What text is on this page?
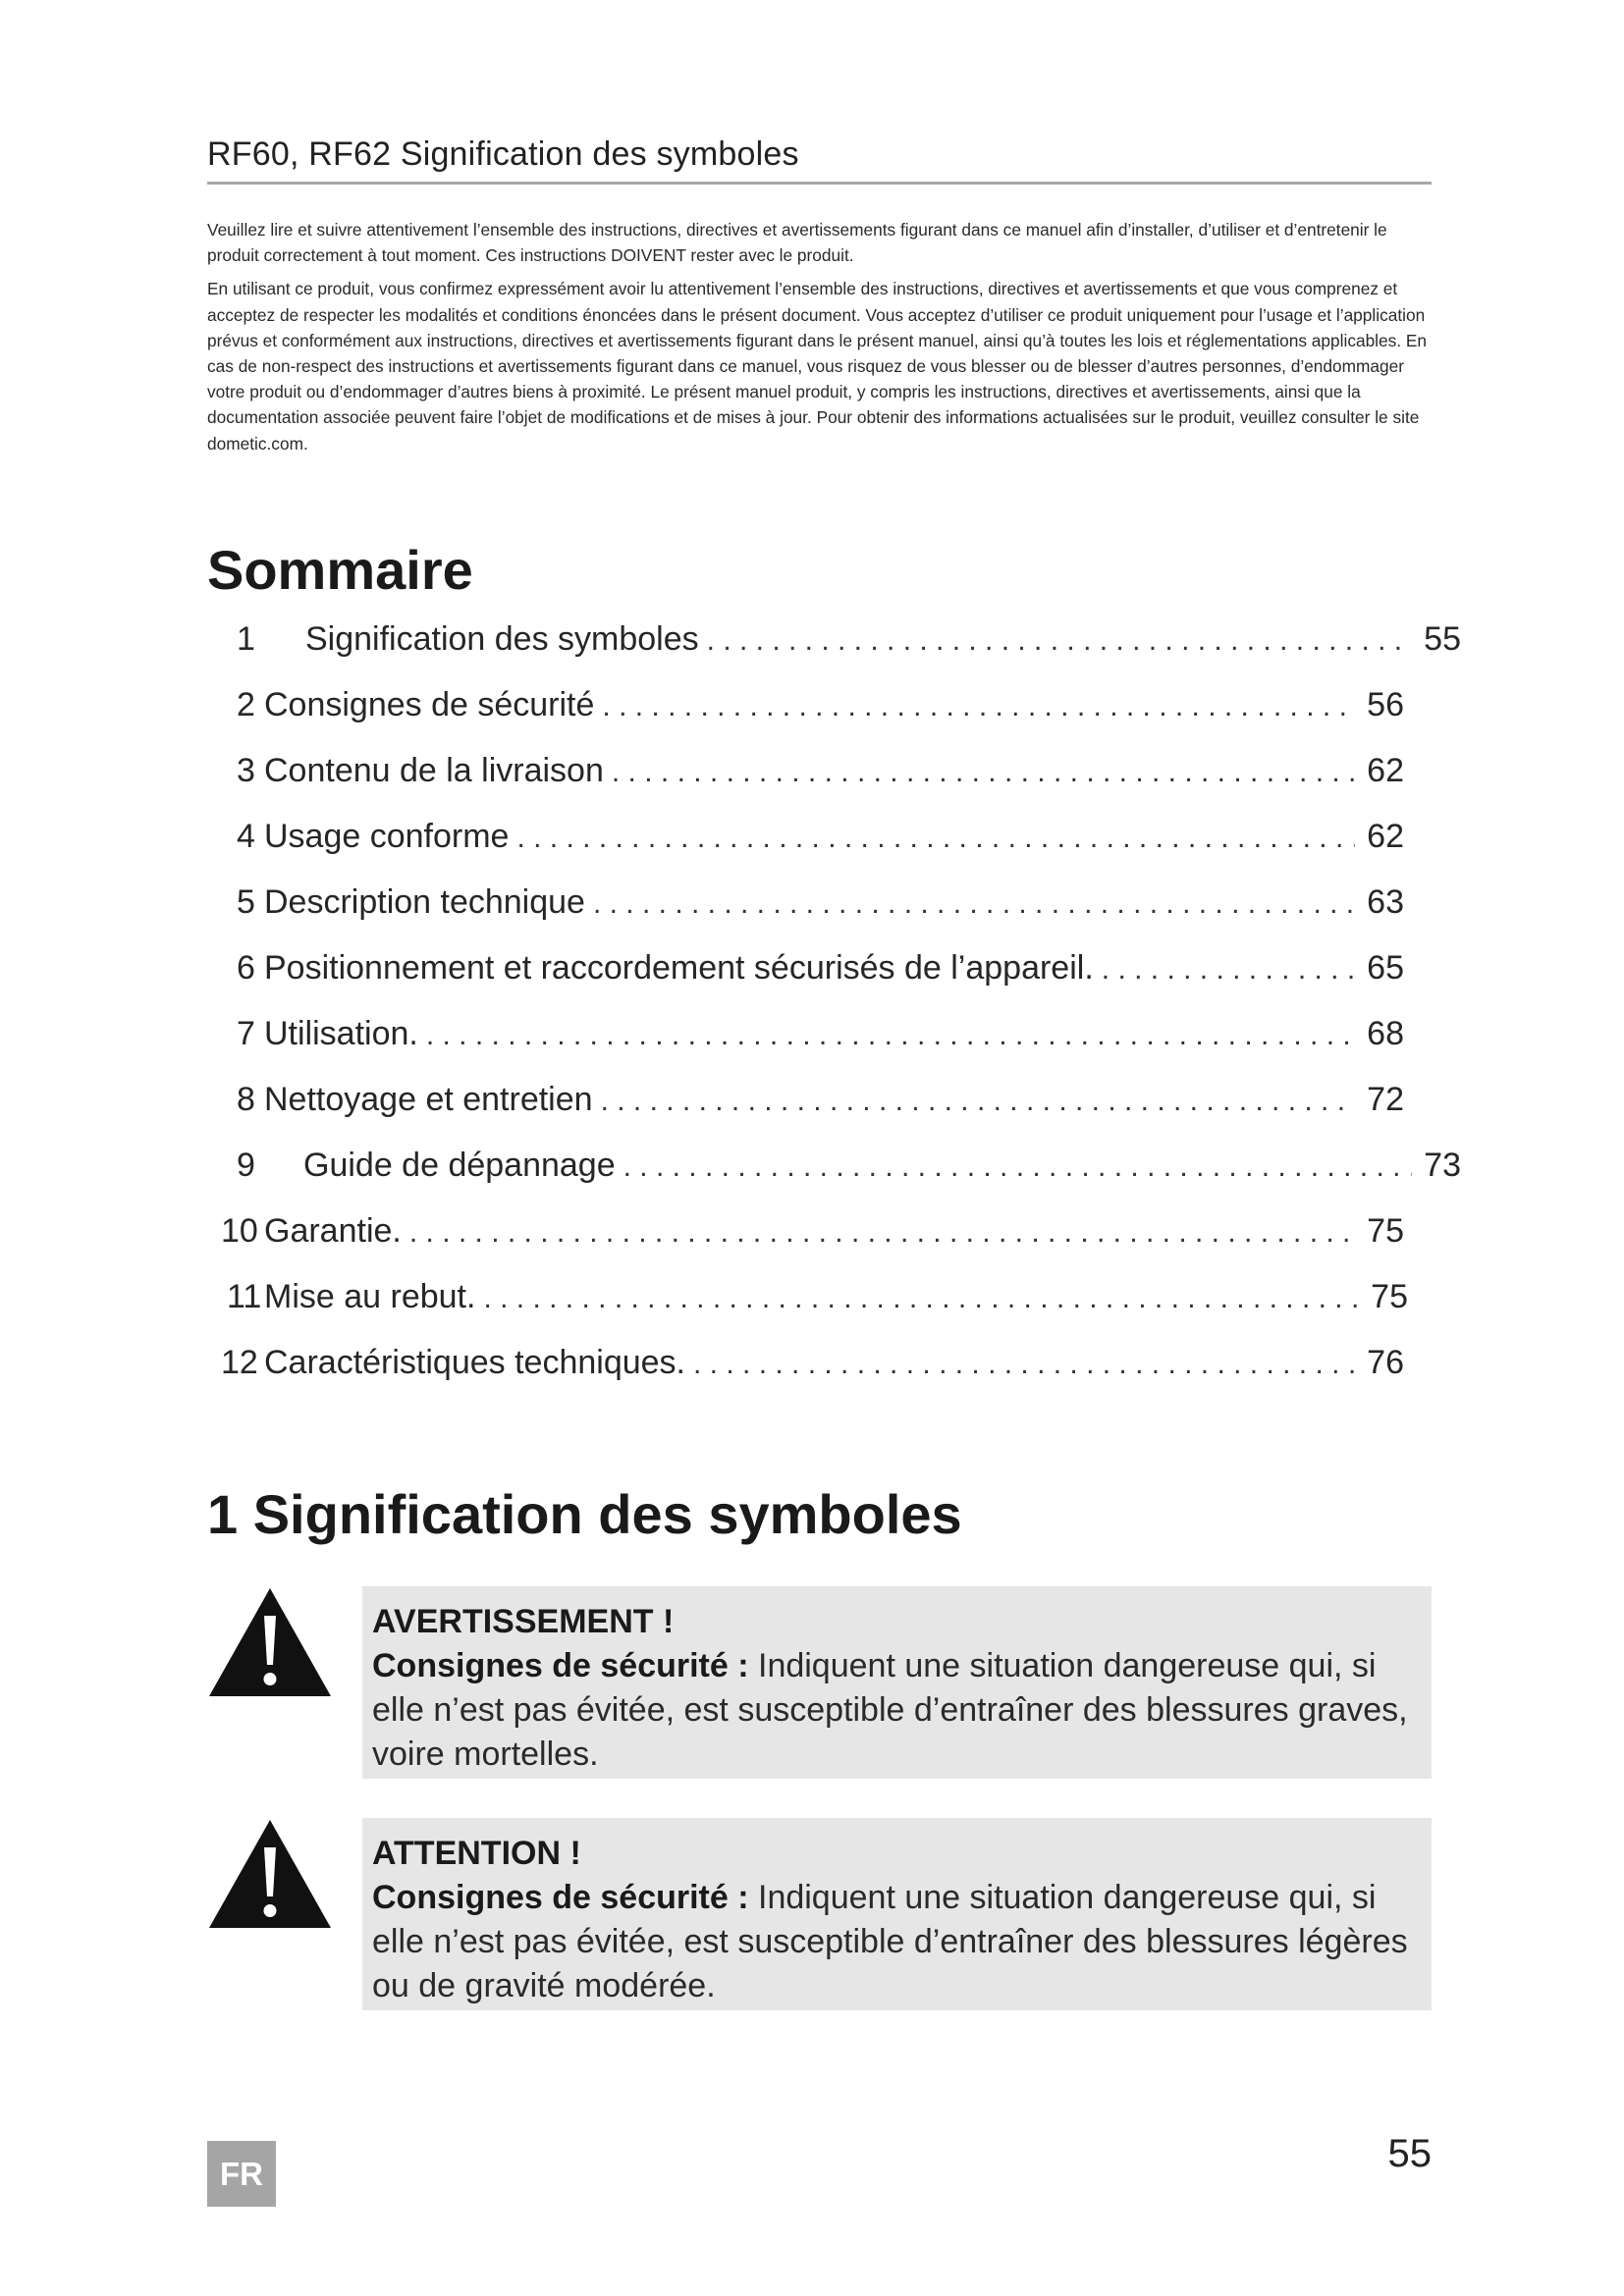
RF60, RF62 Signification des symboles

Veuillez lire et suivre attentivement l’ensemble des instructions, directives et avertissements figurant dans ce manuel afin d’installer, d’utiliser et d’entretenir le produit correctement à tout moment. Ces instructions DOIVENT rester avec le produit.

En utilisant ce produit, vous confirmez expressément avoir lu attentivement l’ensemble des instructions, directives et avertissements et que vous comprenez et acceptez de respecter les modalités et conditions énoncées dans le présent document. Vous acceptez d’utiliser ce produit uniquement pour l’usage et l’application prévus et conformément aux instructions, directives et avertissements figurant dans le présent manuel, ainsi qu’à toutes les lois et réglementations applicables. En cas de non-respect des instructions et avertissements figurant dans ce manuel, vous risquez de vous blesser ou de blesser d’autres personnes, d’endommager votre produit ou d’endommager d’autres biens à proximité. Le présent manuel produit, y compris les instructions, directives et avertissements, ainsi que la documentation associée peuvent faire l’objet de modifications et de mises à jour. Pour obtenir des informations actualisées sur le produit, veuillez consulter le site dometic.com.

Sommaire
1	Signification des symboles . . .	55
2 Consignes de sécurité . . .	56
3 Contenu de la livraison . . .	62
4 Usage conforme . . .	62
5 Description technique . . .	63
6 Positionnement et raccordement sécurisés de l’appareil. . . .	65
7 Utilisation. . . .	68
8 Nettoyage et entretien . . .	72
9	Guide de dépannage . . .	73
10 Garantie. . . .	75
11 Mise au rebut. . . .	75
12 Caractéristiques techniques. . . .	76
1 Signification des symboles
AVERTISSEMENT !
Consignes de sécurité : Indiquent une situation dangereuse qui, si elle n’est pas évitée, est susceptible d’entraîner des blessures graves, voire mortelles.
ATTENTION !
Consignes de sécurité : Indiquent une situation dangereuse qui, si elle n’est pas évitée, est susceptible d’entraîner des blessures légères ou de gravité modérée.
FR	55
